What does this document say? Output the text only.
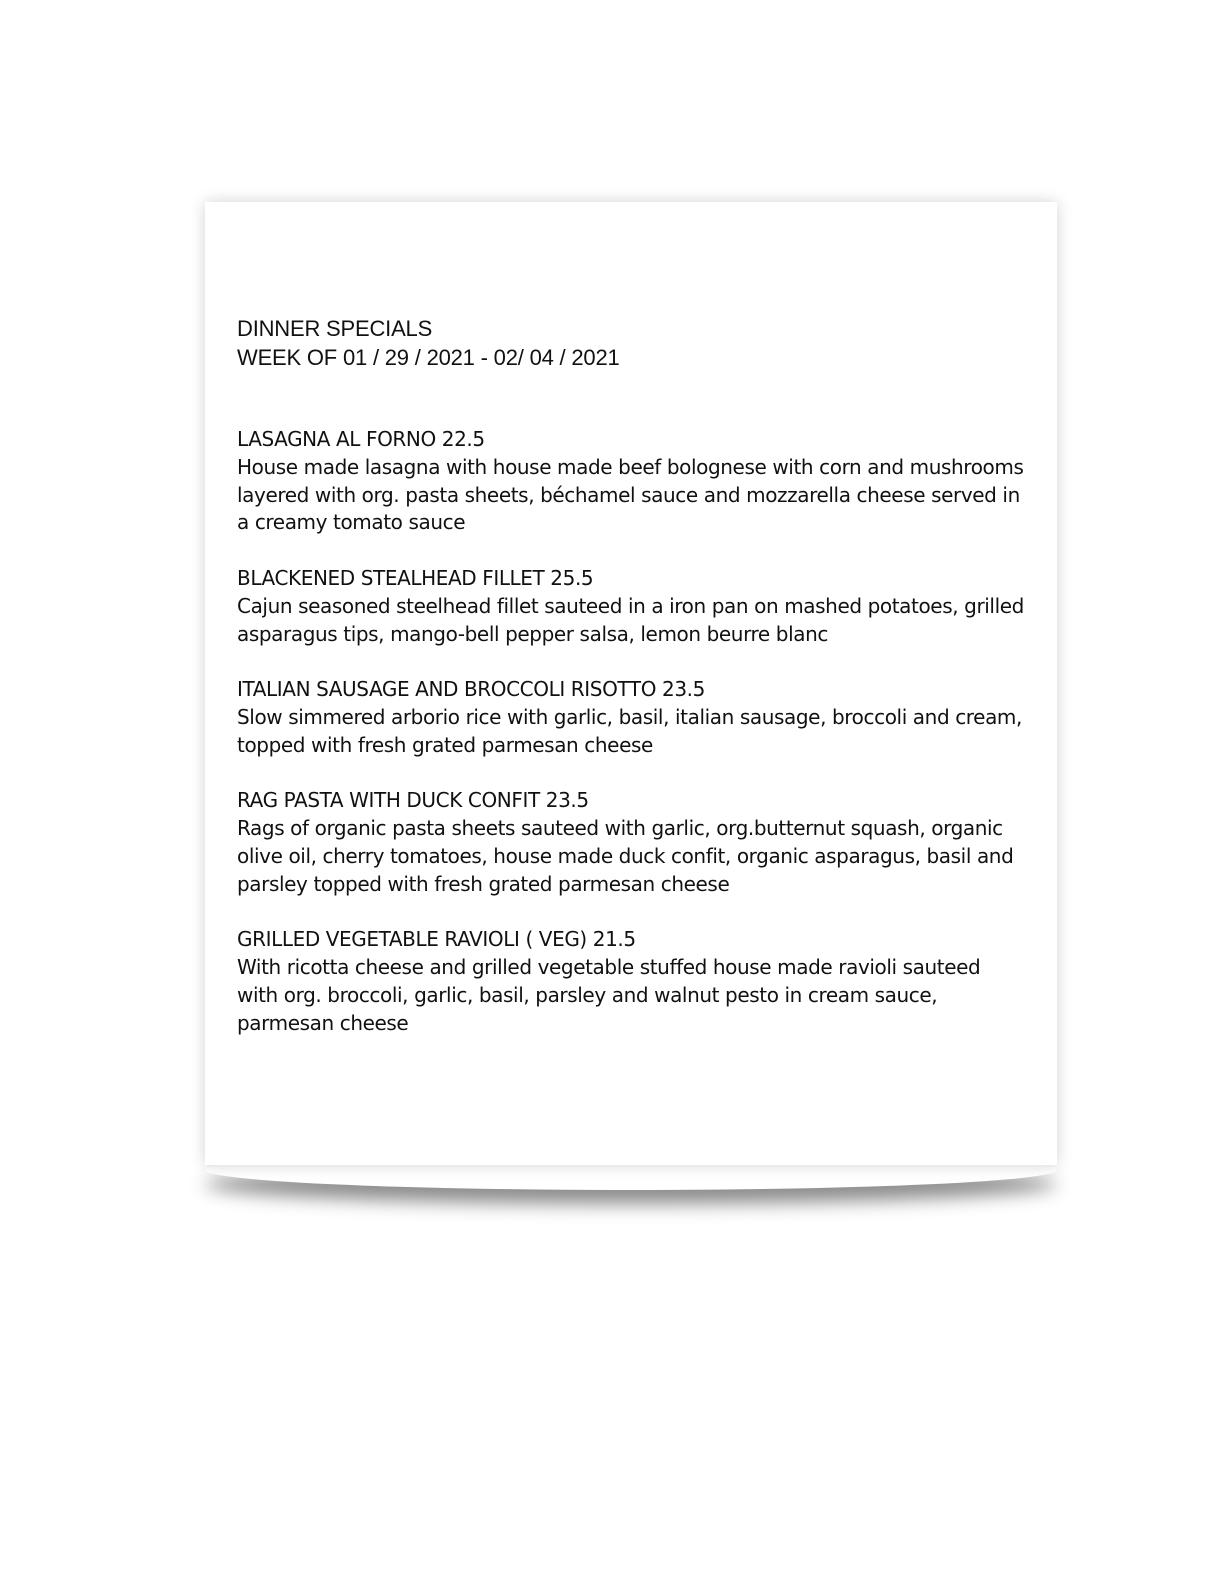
DINNER SPECIALS
WEEK OF 01 / 29 / 2021 - 02/ 04 / 2021
LASAGNA AL FORNO 22.5
House made lasagna with house made beef bolognese with corn and mushrooms layered with org. pasta sheets, béchamel sauce and mozzarella cheese served in a creamy tomato sauce
BLACKENED STEALHEAD FILLET 25.5
Cajun seasoned steelhead fillet sauteed in a iron pan on mashed potatoes, grilled asparagus tips, mango-bell pepper salsa, lemon beurre blanc
ITALIAN SAUSAGE AND BROCCOLI RISOTTO 23.5
Slow simmered arborio rice with garlic, basil, italian sausage, broccoli and cream, topped with fresh grated parmesan cheese
RAG PASTA WITH DUCK CONFIT 23.5
Rags of organic pasta sheets sauteed with garlic, org.butternut squash, organic olive oil, cherry tomatoes, house made duck confit, organic asparagus, basil and parsley topped with fresh grated parmesan cheese
GRILLED VEGETABLE RAVIOLI ( VEG) 21.5
With ricotta cheese and grilled vegetable stuffed house made ravioli sauteed with org. broccoli, garlic, basil, parsley and walnut pesto in cream sauce, parmesan cheese
